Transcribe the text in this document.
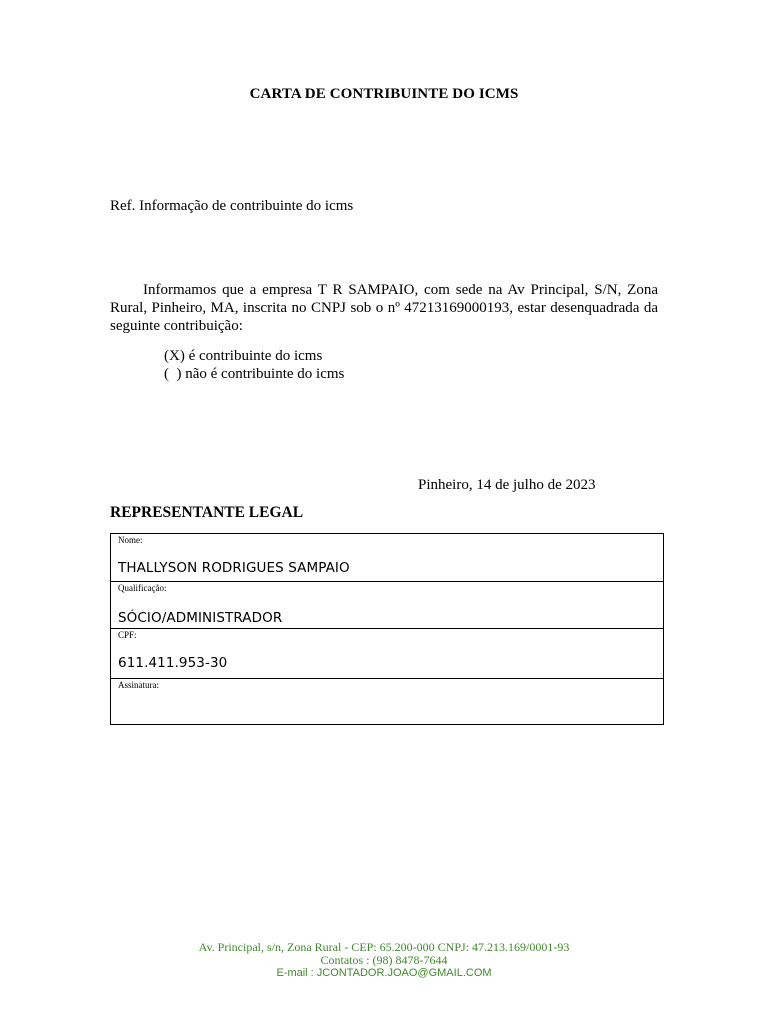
CARTA DE CONTRIBUINTE DO ICMS
Ref. Informação de contribuinte do icms

Informamos que a empresa T R SAMPAIO, com sede na Av Principal, S/N, Zona Rural, Pinheiro, MA, inscrita no CNPJ sob o nº 47213169000193, estar desenquadrada da seguinte contribuição:

(X) é contribuinte do icms
(  ) não é contribuinte do icms
Pinheiro, 14 de julho de 2023
REPRESENTANTE LEGAL
Nome:
THALLYSON RODRIGUES SAMPAIO
Qualificação:
SÓCIO/ADMINISTRADOR
CPF:
611.411.953-30
Assinatura:
Av. Principal, s/n, Zona Rural - CEP: 65.200-000 CNPJ: 47.213.169/0001-93
Contatos : (98) 8478-7644
E-mail : JCONTADOR.JOAO@GMAIL.COM
